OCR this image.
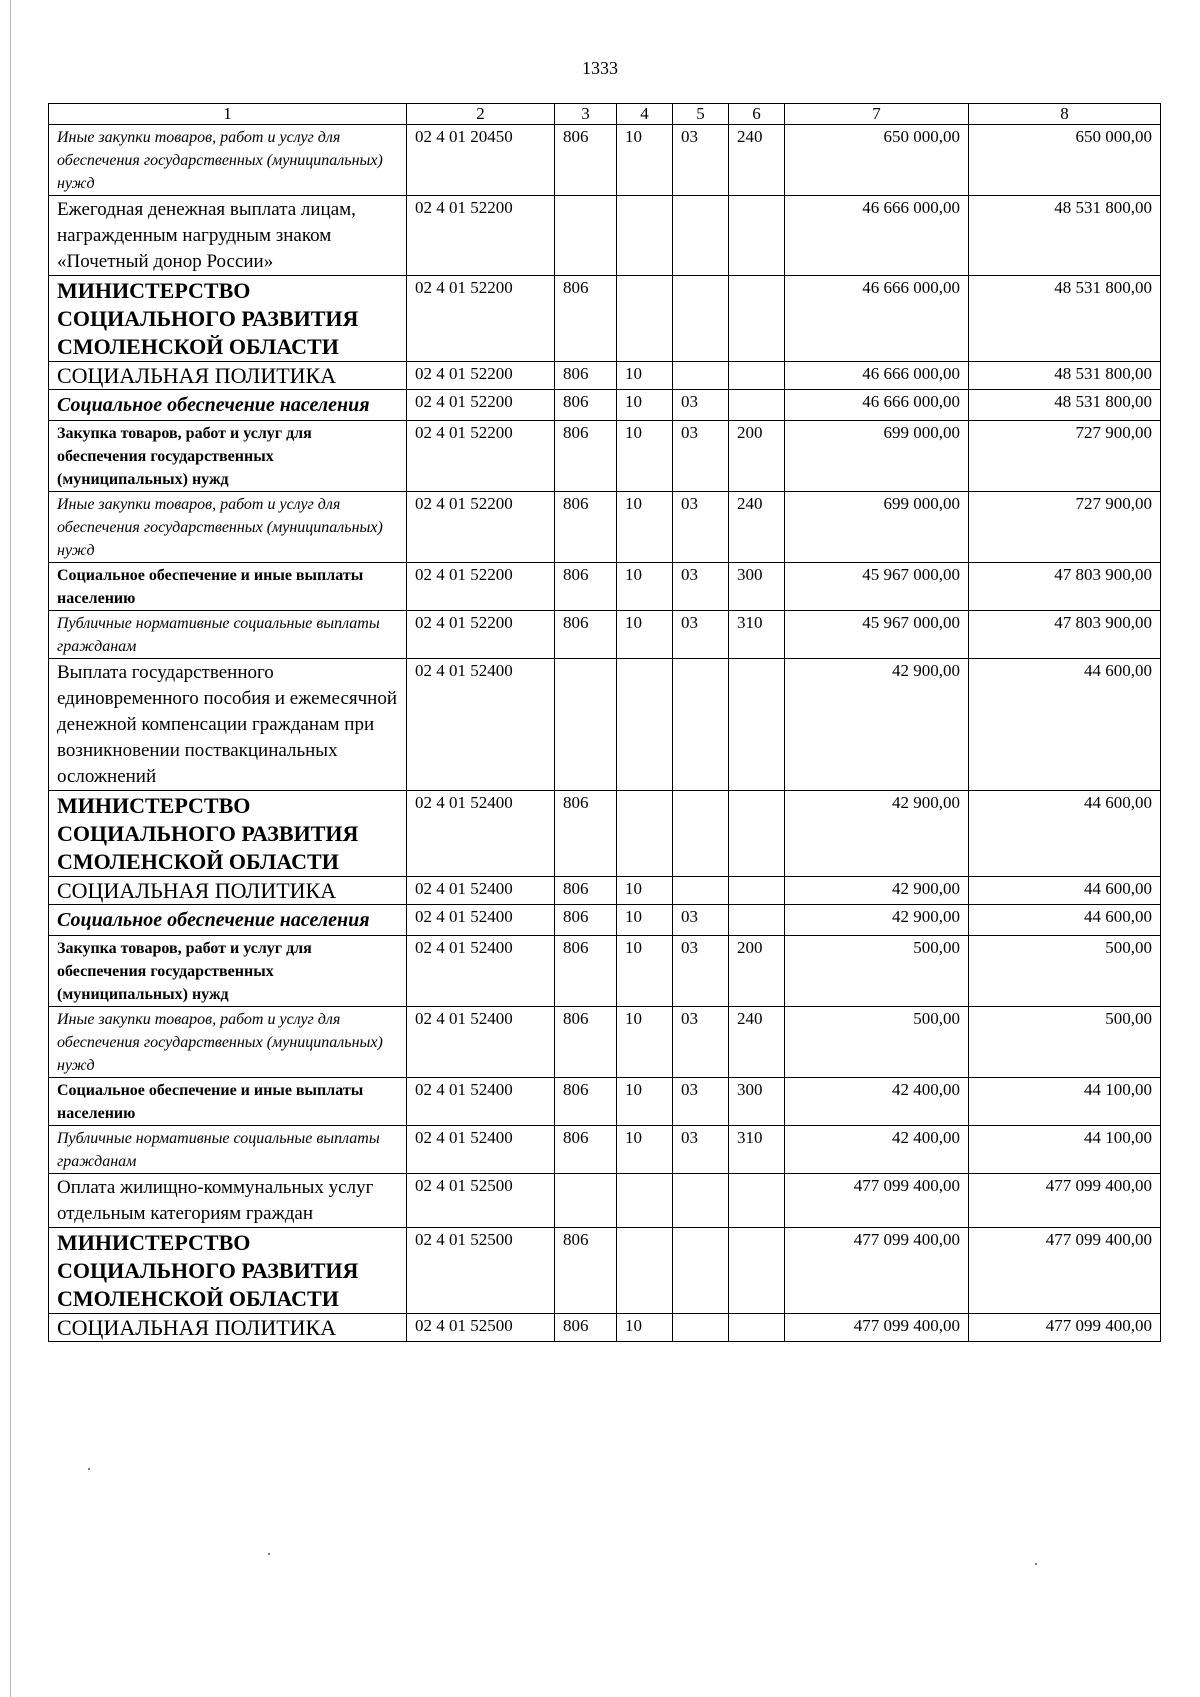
1333
1	2	3	4	5	6	7	8
Иные закупки товаров, работ и услуг для обеспечения государственных (муниципальных) нужд	02 4 01 20450	806	10	03	240	650 000,00	650 000,00
Ежегодная денежная выплата лицам, награжденным нагрудным знаком «Почетный донор России»	02 4 01 52200					46 666 000,00	48 531 800,00
МИНИСТЕРСТВО СОЦИАЛЬНОГО РАЗВИТИЯ СМОЛЕНСКОЙ ОБЛАСТИ	02 4 01 52200	806				46 666 000,00	48 531 800,00
СОЦИАЛЬНАЯ ПОЛИТИКА	02 4 01 52200	806	10			46 666 000,00	48 531 800,00
Социальное обеспечение населения	02 4 01 52200	806	10	03		46 666 000,00	48 531 800,00
Закупка товаров, работ и услуг для обеспечения государственных (муниципальных) нужд	02 4 01 52200	806	10	03	200	699 000,00	727 900,00
Иные закупки товаров, работ и услуг для обеспечения государственных (муниципальных) нужд	02 4 01 52200	806	10	03	240	699 000,00	727 900,00
Социальное обеспечение и иные выплаты населению	02 4 01 52200	806	10	03	300	45 967 000,00	47 803 900,00
Публичные нормативные социальные выплаты гражданам	02 4 01 52200	806	10	03	310	45 967 000,00	47 803 900,00
Выплата государственного единовременного пособия и ежемесячной денежной компенсации гражданам при возникновении поствакцинальных осложнений	02 4 01 52400					42 900,00	44 600,00
МИНИСТЕРСТВО СОЦИАЛЬНОГО РАЗВИТИЯ СМОЛЕНСКОЙ ОБЛАСТИ	02 4 01 52400	806				42 900,00	44 600,00
СОЦИАЛЬНАЯ ПОЛИТИКА	02 4 01 52400	806	10			42 900,00	44 600,00
Социальное обеспечение населения	02 4 01 52400	806	10	03		42 900,00	44 600,00
Закупка товаров, работ и услуг для обеспечения государственных (муниципальных) нужд	02 4 01 52400	806	10	03	200	500,00	500,00
Иные закупки товаров, работ и услуг для обеспечения государственных (муниципальных) нужд	02 4 01 52400	806	10	03	240	500,00	500,00
Социальное обеспечение и иные выплаты населению	02 4 01 52400	806	10	03	300	42 400,00	44 100,00
Публичные нормативные социальные выплаты гражданам	02 4 01 52400	806	10	03	310	42 400,00	44 100,00
Оплата жилищно-коммунальных услуг отдельным категориям граждан	02 4 01 52500					477 099 400,00	477 099 400,00
МИНИСТЕРСТВО СОЦИАЛЬНОГО РАЗВИТИЯ СМОЛЕНСКОЙ ОБЛАСТИ	02 4 01 52500	806				477 099 400,00	477 099 400,00
СОЦИАЛЬНАЯ ПОЛИТИКА	02 4 01 52500	806	10			477 099 400,00	477 099 400,00
